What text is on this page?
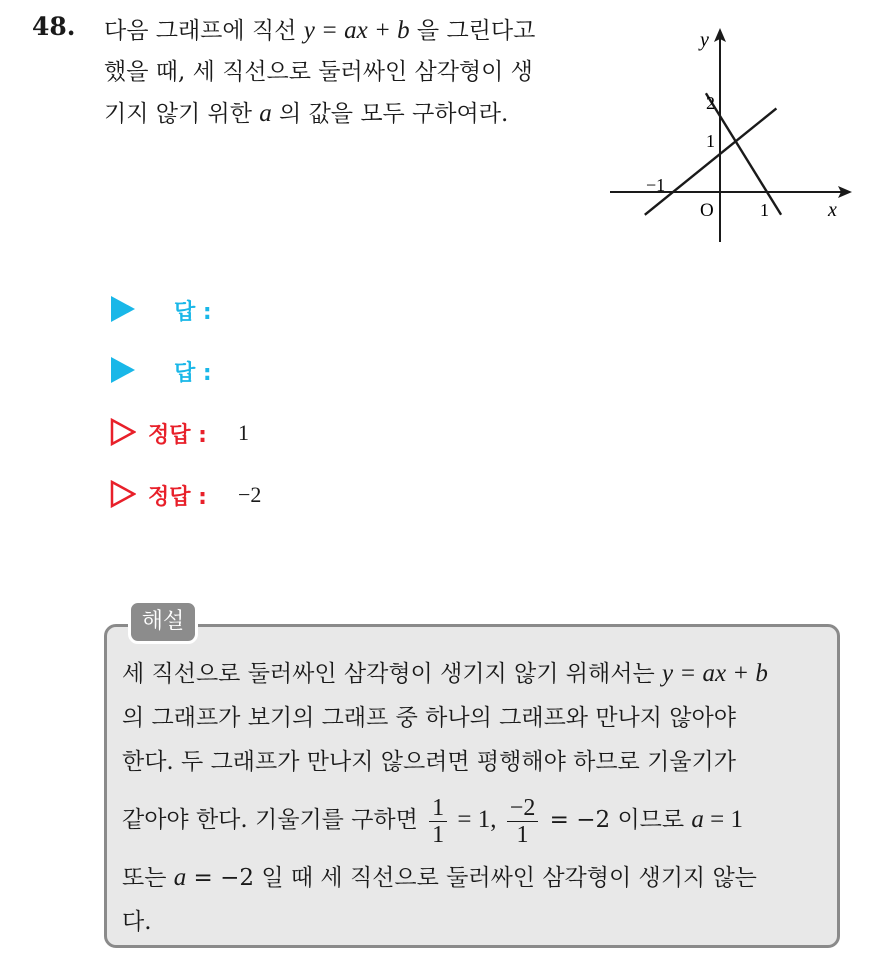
48. 다음 그래프에 직선 y = ax + b 을 그린다고
했을 때, 세 직선으로 둘러싸인 삼각형이 생
기지 않기 위한 a 의 값을 모두 구하여라.
y
x
O
−1
1
1
2
답 :
답 :
정답 : 1
정답 : −2
해설
세 직선으로 둘러싸인 삼각형이 생기지 않기 위해서는 y = ax + b
의 그래프가 보기의 그래프 중 하나의 그래프와 만나지 않아야
한다. 두 그래프가 만나지 않으려면 평행해야 하므로 기울기가
같아야 한다. 기울기를 구하면 $\frac{1}{1} = 1$, $\frac{-2}{1} = -2$ 이므로 a = 1
또는 a = −2 일 때 세 직선으로 둘러싸인 삼각형이 생기지 않는
다.
